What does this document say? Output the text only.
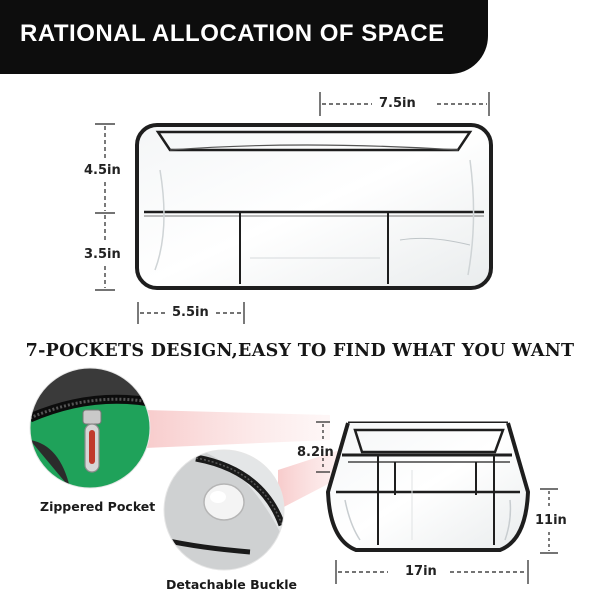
RATIONAL ALLOCATION OF SPACE
7.5in
4.5in
3.5in
5.5in
7-POCKETS DESIGN,EASY TO FIND WHAT YOU WANT
Zippered Pocket
Detachable Buckle
8.2in
11in
17in
